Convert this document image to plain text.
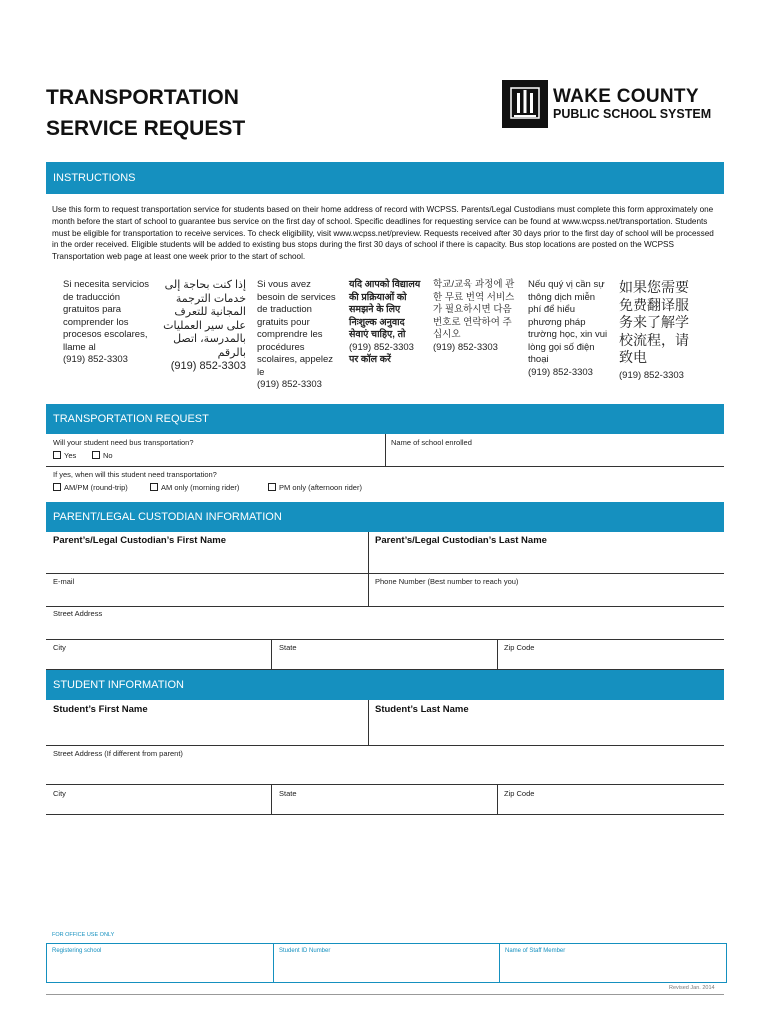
TRANSPORTATION
SERVICE REQUEST
WAKE COUNTY
PUBLIC SCHOOL SYSTEM
INSTRUCTIONS
Use this form to request transportation service for students based on their home address of record with WCPSS. Parents/Legal Custodians must complete this form approximately one month before the start of school to guarantee bus service on the first day of school. Specific deadlines for requesting service can be found at www.wcpss.net/transportation. Students must be eligible for transportation to receive services. To check eligibility, visit www.wcpss.net/preview. Requests received after 30 days prior to the first day of school will be processed in the order received. Eligible students will be added to existing bus stops during the first 30 days of school if there is capacity. Bus stop locations are posted on the WCPSS Transportation web page at least one week prior to the start of school.
Si necesita servicios de traducción gratuitos para comprender los procesos escolares, llame al
(919) 852-3303
إذا كنت بحاجة إلى خدمات الترجمة المجانية للتعرف على سير العمليات بالمدرسة، اتصل بالرقم
(919) 852-3303
Si vous avez besoin de services de traduction gratuits pour comprendre les procédures scolaires, appelez le
(919) 852-3303
यदि आपको विद्यालय की प्रक्रियाओं को समझने के लिए निःशुल्क अनुवाद सेवाएं चाहिए, तो
(919) 852-3303
पर कॉल करें
학교/교육 과정에 관한 무료 번역 서비스가 필요하시면 다음 번호로 연락하여 주십시오
(919) 852-3303
Nếu quý vị cần sự thông dịch miễn phí để hiểu phương pháp trường học, xin vui lòng gọi số điện thoại
(919) 852-3303
如果您需要免费翻译服务来了解学校流程，请致电
(919) 852-3303
TRANSPORTATION REQUEST
Will your student need bus transportation?
Yes	No
Name of school enrolled
If yes, when will this student need transportation?
AM/PM (round-trip)	AM only (morning rider)	PM only (afternoon rider)
PARENT/LEGAL CUSTODIAN INFORMATION
Parent’s/Legal Custodian’s First Name	Parent’s/Legal Custodian’s Last Name
E-mail	Phone Number (Best number to reach you)
Street Address
City	State	Zip Code
STUDENT INFORMATION
Student’s First Name	Student’s Last Name
Street Address (If different from parent)
City	State	Zip Code
FOR OFFICE USE ONLY
Registering school	Student ID Number	Name of Staff Member
Revised Jan. 2014
